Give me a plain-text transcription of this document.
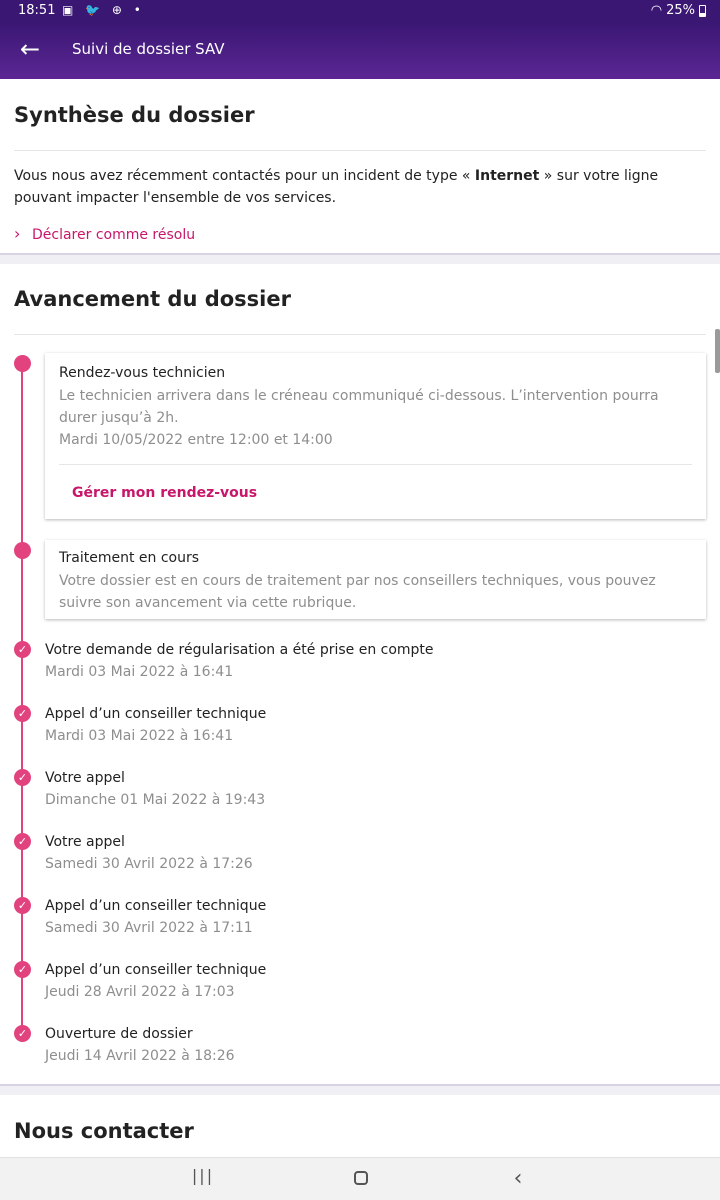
18:51 ▣ 🐦 ⊕ •	◠ 25%
←	Suivi de dossier SAV
Synthèse du dossier

Vous nous avez récemment contactés pour un incident de type « Internet » sur votre ligne pouvant impacter l'ensemble de vos services.

› Déclarer comme résolu
Avancement du dossier
Rendez-vous technicien
Le technicien arrivera dans le créneau communiqué ci-dessous. L’intervention pourra durer jusqu’à 2h.
Mardi 10/05/2022 entre 12:00 et 14:00
Gérer mon rendez-vous
Traitement en cours
Votre dossier est en cours de traitement par nos conseillers techniques, vous pouvez suivre son avancement via cette rubrique.
✓ Votre demande de régularisation a été prise en compte
Mardi 03 Mai 2022 à 16:41
✓ Appel d’un conseiller technique
Mardi 03 Mai 2022 à 16:41
✓ Votre appel
Dimanche 01 Mai 2022 à 19:43
✓ Votre appel
Samedi 30 Avril 2022 à 17:26
✓ Appel d’un conseiller technique
Samedi 30 Avril 2022 à 17:11
✓ Appel d’un conseiller technique
Jeudi 28 Avril 2022 à 17:03
✓ Ouverture de dossier
Jeudi 14 Avril 2022 à 18:26
Nous contacter
|||	‹
